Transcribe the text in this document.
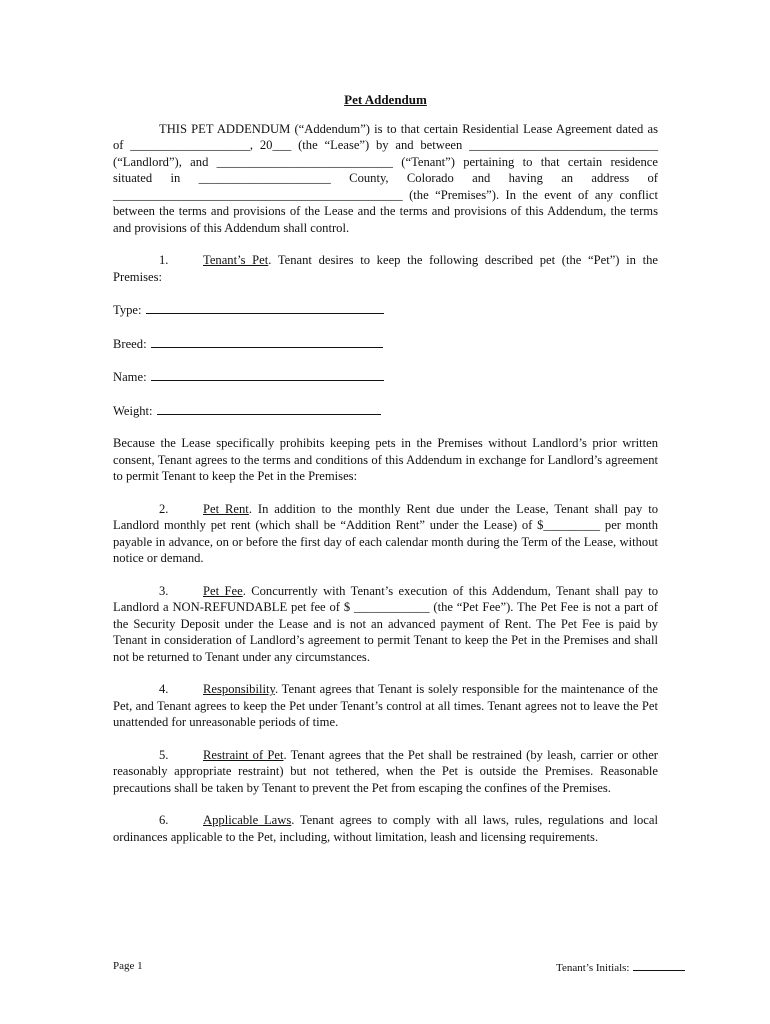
Pet Addendum

THIS PET ADDENDUM (“Addendum”) is to that certain Residential Lease Agreement dated as of ___________________, 20___ (the “Lease”) by and between ______________________________ (“Landlord”), and ____________________________ (“Tenant”) pertaining to that certain residence situated in _____________________ County, Colorado and having an address of ______________________________________________ (the “Premises”). In the event of any conflict between the terms and provisions of the Lease and the terms and provisions of this Addendum, the terms and provisions of this Addendum shall control.

1.	Tenant’s Pet. Tenant desires to keep the following described pet (the “Pet”) in the Premises:

Type:
Breed:
Name:
Weight:

Because the Lease specifically prohibits keeping pets in the Premises without Landlord’s prior written consent, Tenant agrees to the terms and conditions of this Addendum in exchange for Landlord’s agreement to permit Tenant to keep the Pet in the Premises:

2.	Pet Rent. In addition to the monthly Rent due under the Lease, Tenant shall pay to Landlord monthly pet rent (which shall be “Addition Rent” under the Lease) of $_________ per month payable in advance, on or before the first day of each calendar month during the Term of the Lease, without notice or demand.

3.	Pet Fee. Concurrently with Tenant’s execution of this Addendum, Tenant shall pay to Landlord a NON-REFUNDABLE pet fee of $ ____________ (the “Pet Fee”). The Pet Fee is not a part of the Security Deposit under the Lease and is not an advanced payment of Rent. The Pet Fee is paid by Tenant in consideration of Landlord’s agreement to permit Tenant to keep the Pet in the Premises and shall not be returned to Tenant under any circumstances.

4.	Responsibility. Tenant agrees that Tenant is solely responsible for the maintenance of the Pet, and Tenant agrees to keep the Pet under Tenant’s control at all times. Tenant agrees not to leave the Pet unattended for unreasonable periods of time.

5.	Restraint of Pet. Tenant agrees that the Pet shall be restrained (by leash, carrier or other reasonably appropriate restraint) but not tethered, when the Pet is outside the Premises. Reasonable precautions shall be taken by Tenant to prevent the Pet from escaping the confines of the Premises.

6.	Applicable Laws. Tenant agrees to comply with all laws, rules, regulations and local ordinances applicable to the Pet, including, without limitation, leash and licensing requirements.

Page 1	Tenant’s Initials:
